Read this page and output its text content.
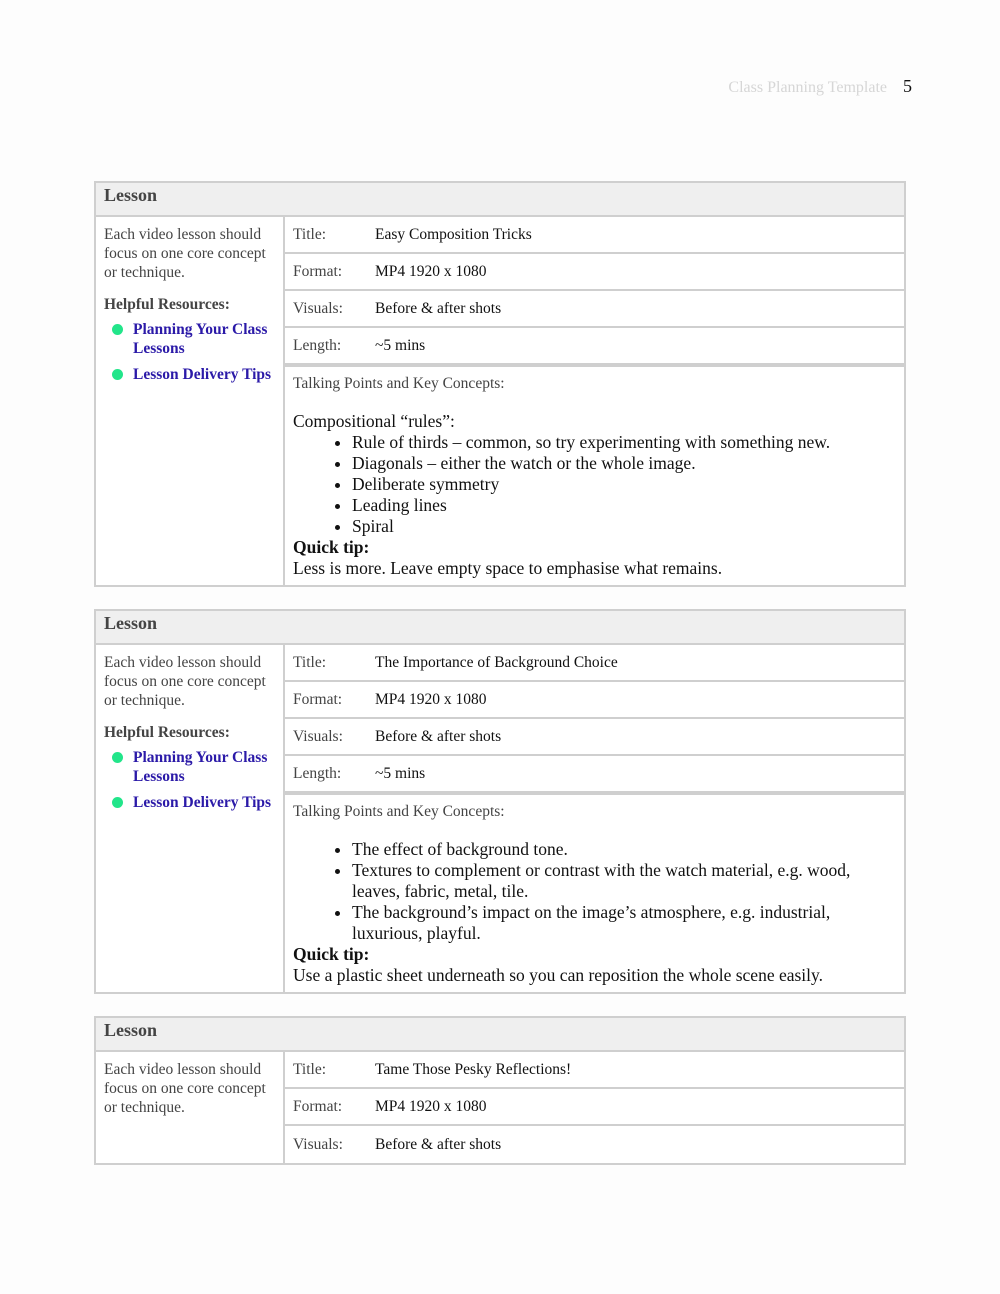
Class Planning Template 5
Lesson
Each video lesson should focus on one core concept or technique.
Helpful Resources:
Planning Your Class Lessons
Lesson Delivery Tips
Title:	Easy Composition Tricks
Format:	MP4 1920 x 1080
Visuals:	Before & after shots
Length:	~5 mins
Talking Points and Key Concepts:
Compositional “rules”:
• Rule of thirds – common, so try experimenting with something new.
• Diagonals – either the watch or the whole image.
• Deliberate symmetry
• Leading lines
• Spiral
Quick tip:
Less is more. Leave empty space to emphasise what remains.
Lesson
Each video lesson should focus on one core concept or technique.
Helpful Resources:
Planning Your Class Lessons
Lesson Delivery Tips
Title:	The Importance of Background Choice
Format:	MP4 1920 x 1080
Visuals:	Before & after shots
Length:	~5 mins
Talking Points and Key Concepts:
• The effect of background tone.
• Textures to complement or contrast with the watch material, e.g. wood, leaves, fabric, metal, tile.
• The background’s impact on the image’s atmosphere, e.g. industrial, luxurious, playful.
Quick tip:
Use a plastic sheet underneath so you can reposition the whole scene easily.
Lesson
Each video lesson should focus on one core concept or technique.
Title:	Tame Those Pesky Reflections!
Format:	MP4 1920 x 1080
Visuals:	Before & after shots
